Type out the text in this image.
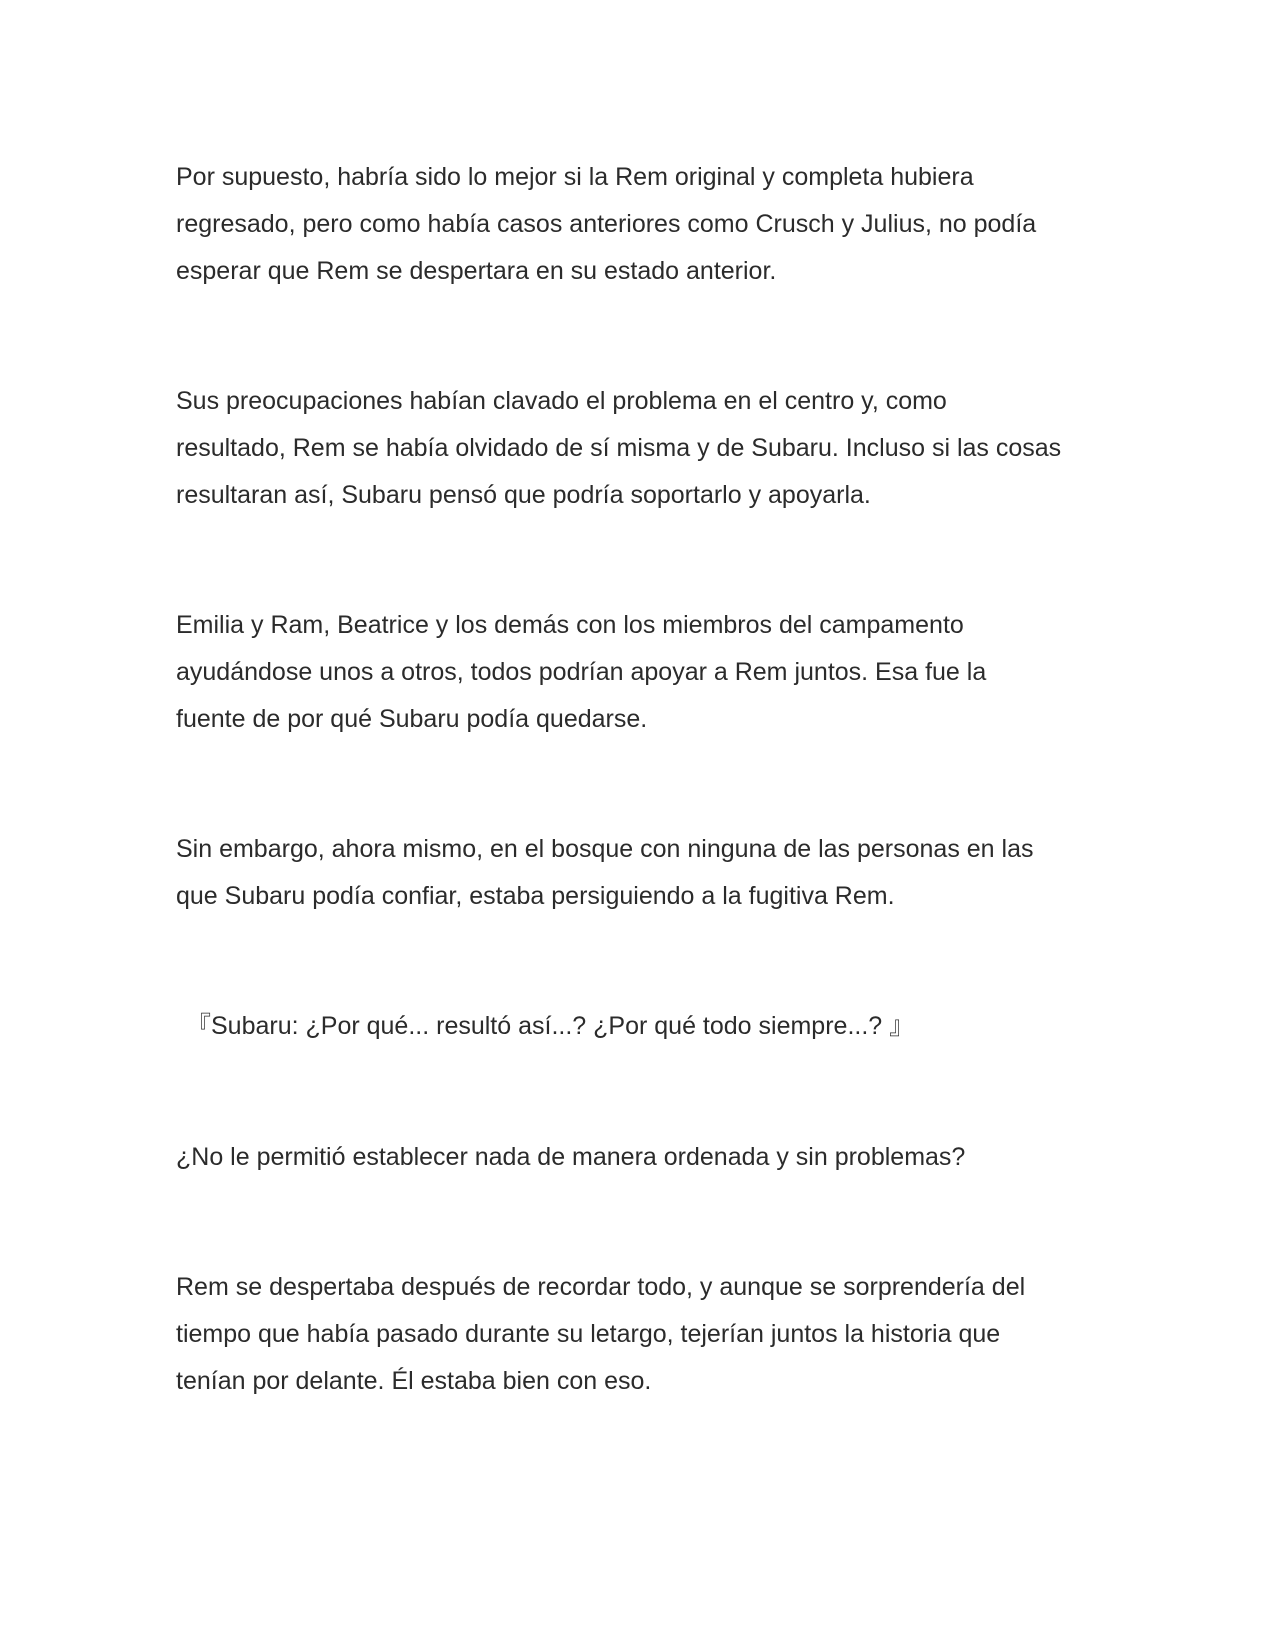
Por supuesto, habría sido lo mejor si la Rem original y completa hubiera
regresado, pero como había casos anteriores como Crusch y Julius, no podía
esperar que Rem se despertara en su estado anterior.

Sus preocupaciones habían clavado el problema en el centro y, como
resultado, Rem se había olvidado de sí misma y de Subaru. Incluso si las cosas
resultaran así, Subaru pensó que podría soportarlo y apoyarla.

Emilia y Ram, Beatrice y los demás con los miembros del campamento
ayudándose unos a otros, todos podrían apoyar a Rem juntos. Esa fue la
fuente de por qué Subaru podía quedarse.

Sin embargo, ahora mismo, en el bosque con ninguna de las personas en las
que Subaru podía confiar, estaba persiguiendo a la fugitiva Rem.

『Subaru: ¿Por qué... resultó así...? ¿Por qué todo siempre...? 』

¿No le permitió establecer nada de manera ordenada y sin problemas?

Rem se despertaba después de recordar todo, y aunque se sorprendería del
tiempo que había pasado durante su letargo, tejerían juntos la historia que
tenían por delante. Él estaba bien con eso.
